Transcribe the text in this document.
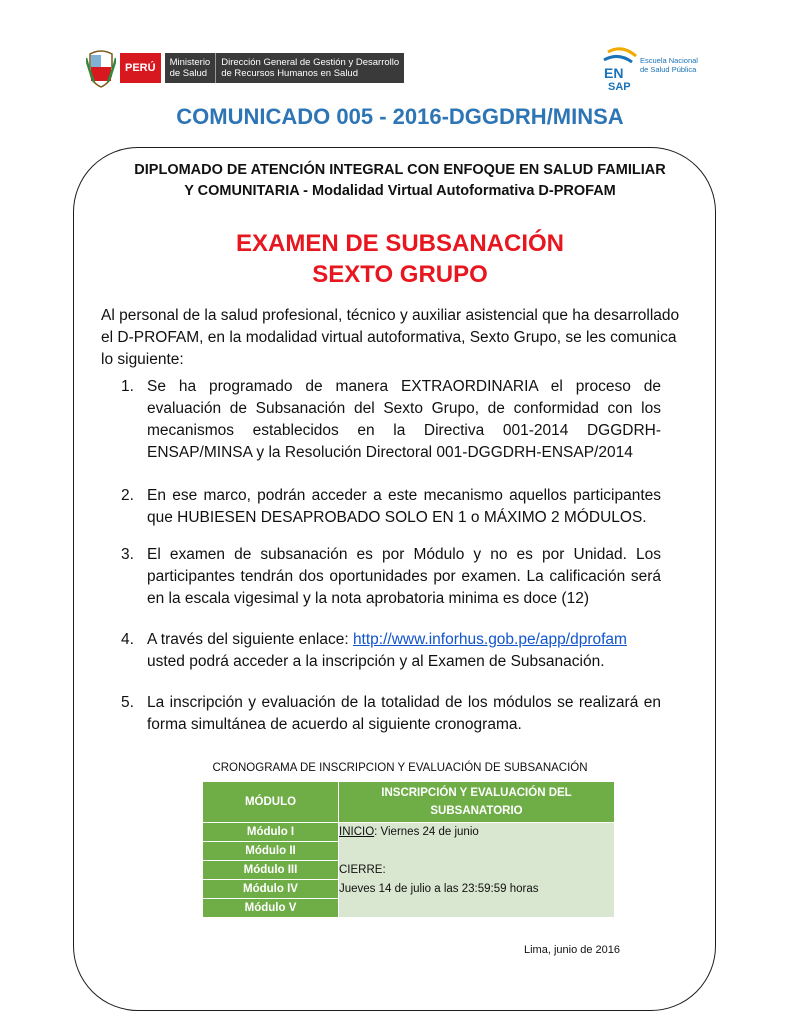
PERÚ	Ministerio
de Salud
Dirección General de Gestión y Desarrollo
de Recursos Humanos en Salud	EN
SAP
Escuela Nacional
de Salud Pública
COMUNICADO 005 - 2016-DGGDRH/MINSA
DIPLOMADO DE ATENCIÓN INTEGRAL CON ENFOQUE EN SALUD FAMILIAR
Y COMUNITARIA - Modalidad Virtual Autoformativa D-PROFAM
EXAMEN DE SUBSANACIÓN
SEXTO GRUPO
Al personal de la salud profesional, técnico y auxiliar asistencial que ha desarrollado el D-PROFAM, en la modalidad virtual autoformativa, Sexto Grupo, se les comunica lo siguiente:
1. Se ha programado de manera EXTRAORDINARIA el proceso de evaluación de Subsanación del Sexto Grupo, de conformidad con los mecanismos establecidos en la Directiva 001-2014 DGGDRH-ENSAP/MINSA y la Resolución Directoral 001-DGGDRH-ENSAP/2014
2. En ese marco, podrán acceder a este mecanismo aquellos participantes que HUBIESEN DESAPROBADO SOLO EN 1 o MÁXIMO 2 MÓDULOS.
3. El examen de subsanación es por Módulo y no es por Unidad. Los participantes tendrán dos oportunidades por examen. La calificación será en la escala vigesimal y la nota aprobatoria minima es doce (12)
4. A través del siguiente enlace: http://www.inforhus.gob.pe/app/dprofam
usted podrá acceder a la inscripción y al Examen de Subsanación.
5. La inscripción y evaluación de la totalidad de los módulos se realizará en forma simultánea de acuerdo al siguiente cronograma.
CRONOGRAMA DE INSCRIPCION Y EVALUACIÓN DE SUBSANACIÓN
MÓDULO	INSCRIPCIÓN Y EVALUACIÓN DEL
SUBSANATORIO

Módulo I	INICIO: Viernes 24 de junio
CIERRE:
Jueves 14 de julio a las 23:59:59 horas

Módulo II	
Módulo III	
Módulo IV	
Módulo V	
Lima, junio de 2016
